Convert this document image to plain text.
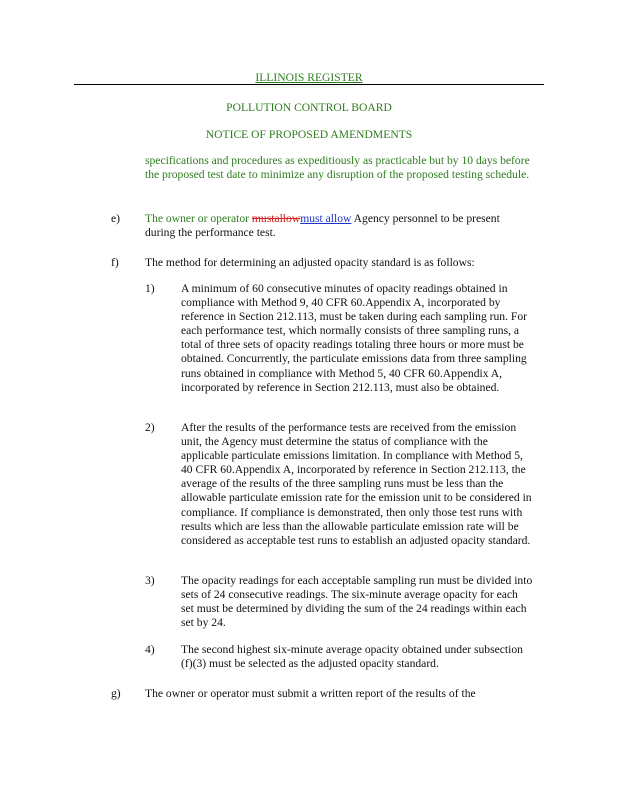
ILLINOIS REGISTER
POLLUTION CONTROL BOARD
NOTICE OF PROPOSED AMENDMENTS

specifications and procedures as expeditiously as practicable but by 10 days before the proposed test date to minimize any disruption of the proposed testing schedule.

e) The owner or operator mustallowmust allow Agency personnel to be present during the performance test.

f) The method for determining an adjusted opacity standard is as follows:

1) A minimum of 60 consecutive minutes of opacity readings obtained in compliance with Method 9, 40 CFR 60.Appendix A, incorporated by reference in Section 212.113, must be taken during each sampling run. For each performance test, which normally consists of three sampling runs, a total of three sets of opacity readings totaling three hours or more must be obtained. Concurrently, the particulate emissions data from three sampling runs obtained in compliance with Method 5, 40 CFR 60.Appendix A, incorporated by reference in Section 212.113, must also be obtained.

2) After the results of the performance tests are received from the emission unit, the Agency must determine the status of compliance with the applicable particulate emissions limitation. In compliance with Method 5, 40 CFR 60.Appendix A, incorporated by reference in Section 212.113, the average of the results of the three sampling runs must be less than the allowable particulate emission rate for the emission unit to be considered in compliance. If compliance is demonstrated, then only those test runs with results which are less than the allowable particulate emission rate will be considered as acceptable test runs to establish an adjusted opacity standard.

3) The opacity readings for each acceptable sampling run must be divided into sets of 24 consecutive readings. The six-minute average opacity for each set must be determined by dividing the sum of the 24 readings within each set by 24.

4) The second highest six-minute average opacity obtained under subsection (f)(3) must be selected as the adjusted opacity standard.

g) The owner or operator must submit a written report of the results of the
